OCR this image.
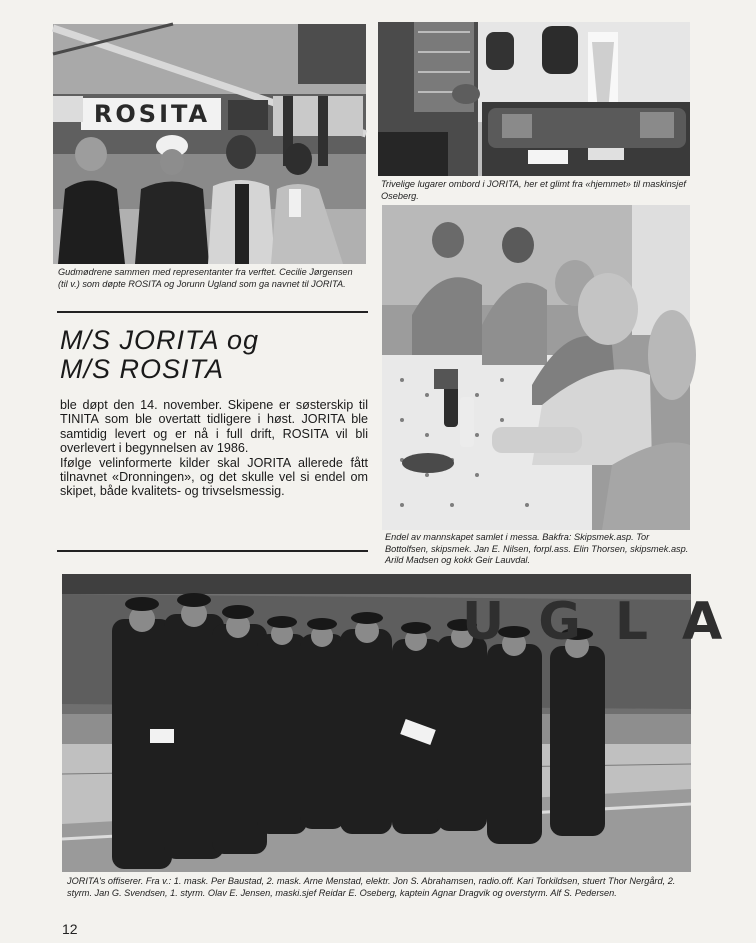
ROSITA

Gudmødrene sammen med representanter fra verftet. Cecilie Jørgensen (til v.) som døpte ROSITA og Jorunn Ugland som ga navnet til JORITA.

M/S JORITA og
M/S ROSITA

ble døpt den 14. november. Skipene er søsterskip til TINITA som ble overtatt tidligere i høst. JORITA ble samtidig levert og er nå i full drift, ROSITA vil bli overlevert i begynnelsen av 1986.

Ifølge velinformerte kilder skal JORITA allerede fått tilnavnet «Dronningen», og det skulle vel si endel om skipet, både kvalitets- og trivselsmessig.

Trivelige lugarer ombord i JORITA, her et glimt fra «hjemmet» til maskinsjef Oseberg.

Endel av mannskapet samlet i messa. Bakfra: Skipsmek.asp. Tor Bottolfsen, skipsmek. Jan E. Nilsen, forpl.ass. Elin Thorsen, skipsmek.asp. Arild Madsen og kokk Geir Lauvdal.

UGLA

JORITA's offiserer. Fra v.: 1. mask. Per Baustad, 2. mask. Arne Menstad, elektr. Jon S. Abrahamsen, radio.off. Kari Torkildsen, stuert Thor Nergård, 2. styrm. Jan G. Svendsen, 1. styrm. Olav E. Jensen, maski.sjef Reidar E. Oseberg, kaptein Agnar Dragvik og overstyrm. Alf S. Pedersen.

12
